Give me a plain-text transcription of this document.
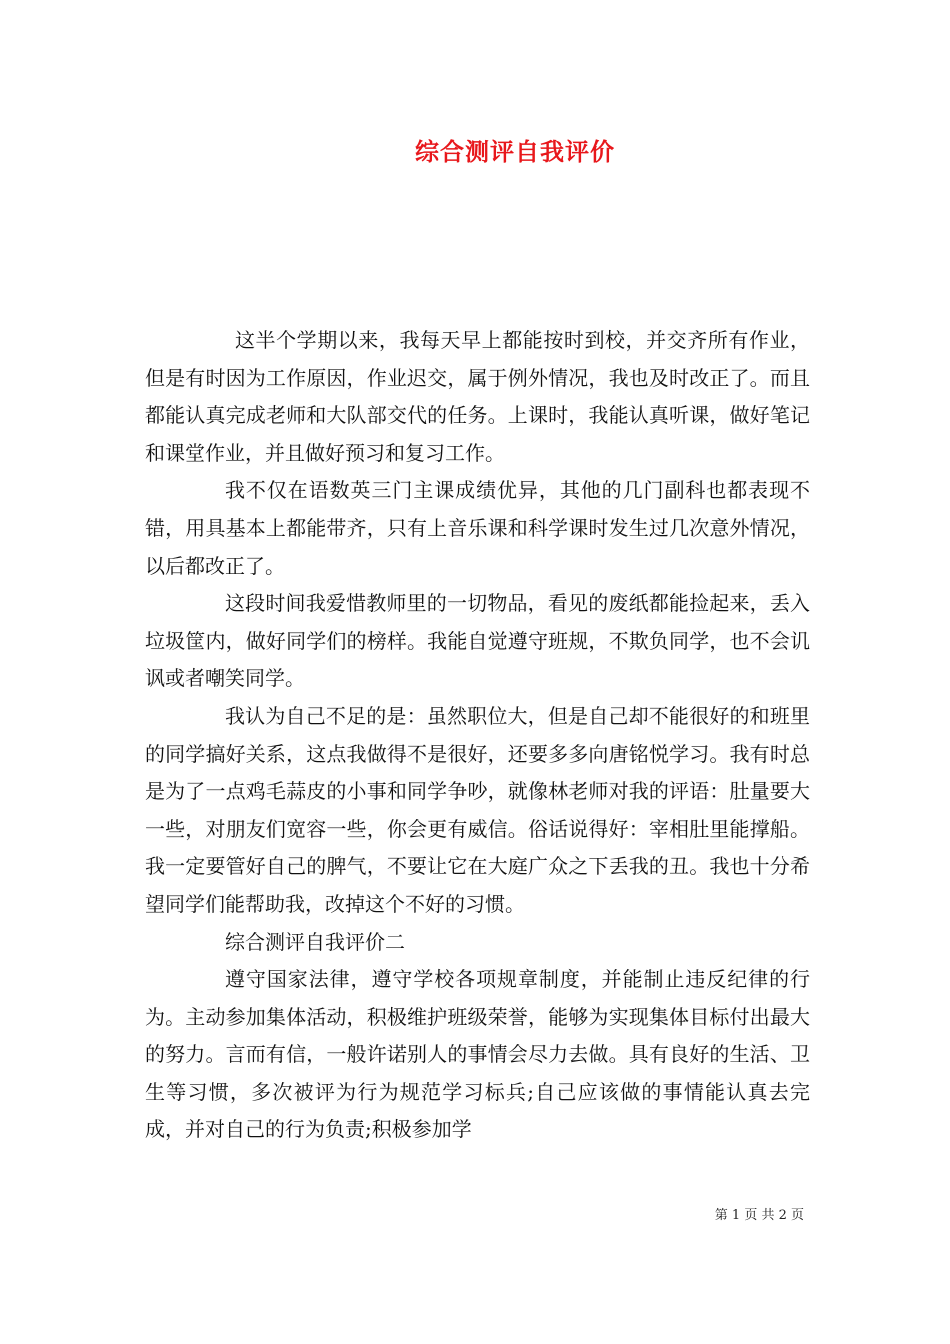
综合测评自我评价

这半个学期以来，我每天早上都能按时到校，并交齐所有作业，但是有时因为工作原因，作业迟交，属于例外情况，我也及时改正了。而且都能认真完成老师和大队部交代的任务。上课时，我能认真听课，做好笔记和课堂作业，并且做好预习和复习工作。

我不仅在语数英三门主课成绩优异，其他的几门副科也都表现不错，用具基本上都能带齐，只有上音乐课和科学课时发生过几次意外情况，以后都改正了。

这段时间我爱惜教师里的一切物品，看见的废纸都能捡起来，丢入垃圾筐内，做好同学们的榜样。我能自觉遵守班规，不欺负同学，也不会讥讽或者嘲笑同学。

我认为自己不足的是：虽然职位大，但是自己却不能很好的和班里的同学搞好关系，这点我做得不是很好，还要多多向唐铭悦学习。我有时总是为了一点鸡毛蒜皮的小事和同学争吵，就像林老师对我的评语：肚量要大一些，对朋友们宽容一些，你会更有威信。俗话说得好：宰相肚里能撑船。我一定要管好自己的脾气，不要让它在大庭广众之下丢我的丑。我也十分希望同学们能帮助我，改掉这个不好的习惯。

综合测评自我评价二

遵守国家法律，遵守学校各项规章制度，并能制止违反纪律的行为。主动参加集体活动，积极维护班级荣誉，能够为实现集体目标付出最大的努力。言而有信，一般许诺别人的事情会尽力去做。具有良好的生活、卫生等习惯，多次被评为行为规范学习标兵;自己应该做的事情能认真去完成，并对自己的行为负责;积极参加学

第 1 页 共 2 页
